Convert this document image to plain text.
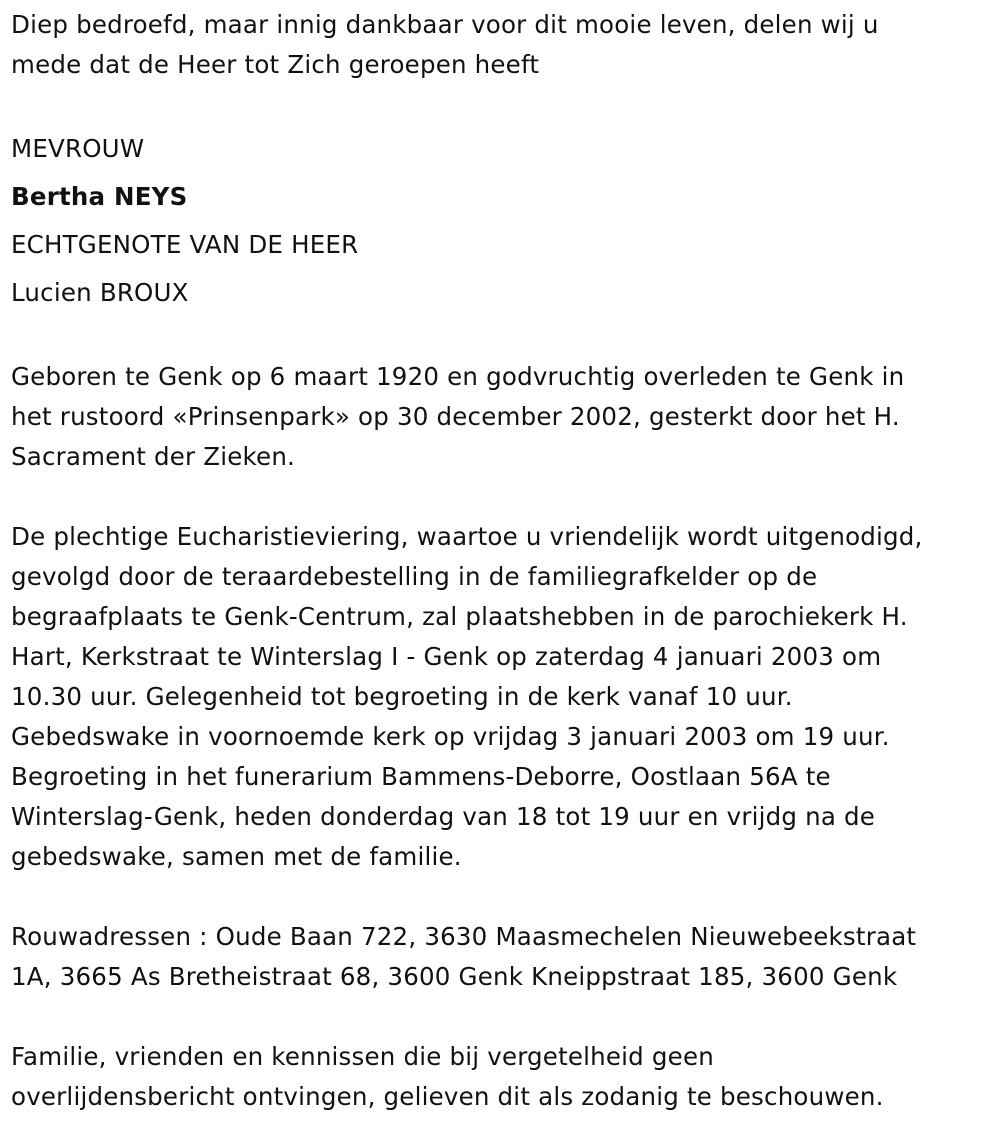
Diep bedroefd, maar innig dankbaar voor dit mooie leven, delen wij u
mede dat de Heer tot Zich geroepen heeft
MEVROUW
Bertha NEYS
ECHTGENOTE VAN DE HEER
Lucien BROUX
Geboren te Genk op 6 maart 1920 en godvruchtig overleden te Genk in
het rustoord «Prinsenpark» op 30 december 2002, gesterkt door het H.
Sacrament der Zieken.
De plechtige Eucharistieviering, waartoe u vriendelijk wordt uitgenodigd,
gevolgd door de teraardebestelling in de familiegrafkelder op de
begraafplaats te Genk-Centrum, zal plaatshebben in de parochiekerk H.
Hart, Kerkstraat te Winterslag I - Genk op zaterdag 4 januari 2003 om
10.30 uur. Gelegenheid tot begroeting in de kerk vanaf 10 uur.
Gebedswake in voornoemde kerk op vrijdag 3 januari 2003 om 19 uur.
Begroeting in het funerarium Bammens-Deborre, Oostlaan 56A te
Winterslag-Genk, heden donderdag van 18 tot 19 uur en vrijdg na de
gebedswake, samen met de familie.
Rouwadressen : Oude Baan 722, 3630 Maasmechelen Nieuwebeekstraat
1A, 3665 As Bretheistraat 68, 3600 Genk Kneippstraat 185, 3600 Genk
Familie, vrienden en kennissen die bij vergetelheid geen
overlijdensbericht ontvingen, gelieven dit als zodanig te beschouwen.
